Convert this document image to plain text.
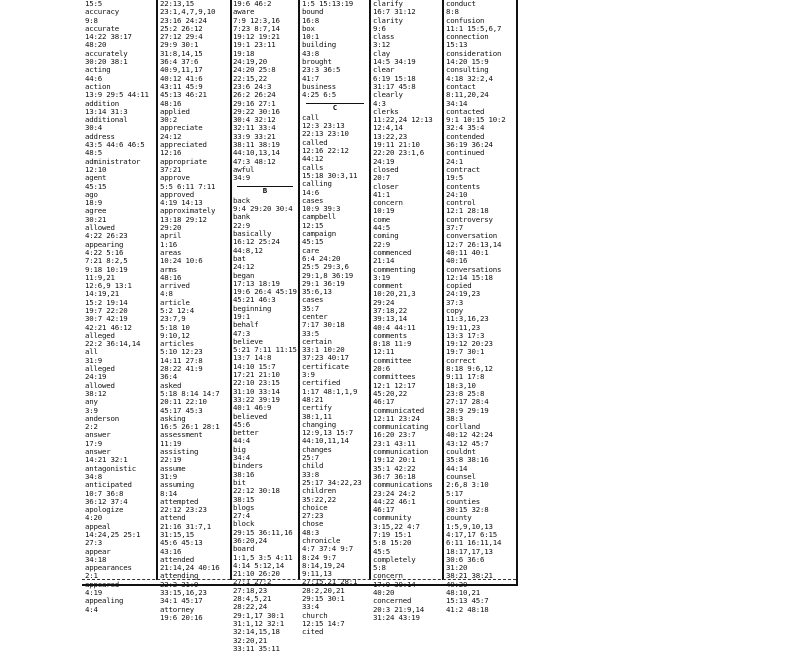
15:5
accuracy
9:8
accurate
14:22 38:17
48:20
accurately
30:20 38:1
acting
44:6
action
13:9 29:5 44:11
addition
13:14 31:3
additional
30:4
address
43:5 44:6 46:5
48:5
administrator
12:10
agent
45:15
ago
18:9
agree
30:21
allowed
4:22 26:23
appearing
4:22 5:16
7:21 8:2,5
9:18 10:19
11:9,21
12:6,9 13:1
14:19,21
15:2 19:14
19:7 22:20
30:7 42:19
42:21 46:12
alleged
22:2 36:14,14
all
31:9
alleged
24:19
allowed
38:12
any
3:9
anderson
2:2
answer
17:9
answer
14:21 32:1
antagonistic
34:8
anticipated
10:7 36:8
36:12 37:4
apologize
4:20
appeal
14:24,25 25:1
27:3
appear
34:18
appearances
2:1
appeared
4:19
appealing
4:4
22:13,15
23:1,4,7,9,10
23:16 24:24
25:2 26:12
27:12 29:4
29:9 30:1
31:8,14,15
36:4 37:6
40:9,11,17
40:12 41:6
43:11 45:9
45:13 46:21
48:16
applied
30:2
appreciate
24:12
appreciated
12:16
appropriate
37:21
approve
5:5 6:11 7:11
approved
4:19 14:13
approximately
13:18 29:12
29:20
april
1:16
areas
10:24 10:6
arms
48:16
arrived
4:8
article
5:2 12:4
23:7,9
5:18 10
9:10,12
articles
5:10 12:23
14:11 27:8
28:22 41:9
36:4
asked
5:18 8:14 14:7
20:11 22:10
45:17 45:3
asking
16:5 26:1 28:1
assessment
11:19
assisting
22:19
assume
31:9
assuming
8:14
attempted
22:12 23:23
attend
21:16 31:7,1
31:15,15
45:6 45:13
43:16
attended
21:14,24 40:16
attending
22:2 31:9
33:15,16,23
34:1 45:17
attorney
19:6 20:16
19:6 46:2
aware
7:9 12:3,16
7:23 8:7,14
19:12 19:21
19:1 23:11
19:18
24:19,20
24:20 25:8
22:15,22
23:6 24:3
26:2 26:24
29:16 27:1
29:22 30:16
30:4 32:12
32:11 33:4
33:9 33:21
38:11 38:19
44:10,13,14
47:3 48:12
awful
34:9
B
back
9:4 29:20 30:4
bank
22:9
basically
16:12 25:24
44:8,12
bat
24:12
began
17:13 18:19
19:6 26:4 45:19
45:21 46:3
beginning
19:1
behalf
47:3
believe
5:21 7:11 11:15
13:7 14:8
14:10 15:7
17:21 21:10
22:10 23:15
31:10 33:14
33:22 39:19
40:1 46:9
believed
45:6
better
44:4
big
34:4
binders
38:16
bit
22:12 30:18
38:15
blogs
27:4
block
29:15 36:11,16
36:20,24
board
1:1,5 3:5 4:11
4:14 5:12,14
21:10 26:20
27:1 27:2
27:18,23
28:4,5,21
28:22,24
29:1,17 30:1
31:1,12 32:1
32:14,15,18
32:20,21
33:11 35:11
1:5 15:13:19
bound
16:8
box
10:1
building
43:8
brought
23:3 36:5
41:7
business
4:25 6:5
C
call
12:3 23:13
22:13 23:10
called
12:16 22:12
44:12
calls
15:18 30:3,11
calling
14:6
cases
10:9 39:3
campbell
12:15
campaign
45:15
care
6:4 24:20
25:5 29:3,6
29:1,8 36:19
29:1 36:19
35:6,13
cases
35:7
center
7:17 30:18
33:5
certain
33:1 10:20
37:23 40:17
certificate
3:9
certified
1:17 48:1,1,9
48:21
certify
38:1,11
changing
12:9,13 15:7
44:10,11,14
changes
25:7
child
33:8
25:17 34:22,23
children
35:22,22
choice
27:23
chose
48:3
chronicle
4:7 37:4 9:7
8:24 9:7
8:14,19,24
9:11,13
27:15,21 28:1
28:2,20,21
29:15 30:1
33:4
church
12:15 14:7
cited
clarify
16:7 31:12
clarity
9:6
class
3:12
clay
14:5 34:19
clear
6:19 15:18
31:17 45:8
clearly
4:3
clerks
11:22,24 12:13
12:4,14
13:22,23
19:11 21:10
22:20 23:1,6
24:19
closed
20:7
closer
41:1
concern
10:19
come
44:5
coming
22:9
commenced
21:14
commenting
3:19
comment
10:20,21,3
29:24
37:18,22
39:13,14
40:4 44:11
comments
8:18 11:9
12:11
committee
20:6
committees
12:1 12:17
45:20,22
46:17
communicated
12:11 23:24
communicating
16:20 23:7
23:1 43:11
communication
19:12 20:1
35:1 42:22
36:7 36:18
communications
23:24 24:2
44:22 46:1
46:17
community
3:15,22 4:7
7:19 15:1
5:8 15:20
45:5
completely
5:8
concern
17:9 39:14
40:20
concerned
20:3 21:9,14
31:24 43:19
conduct
8:8
confusion
11:1 15:5,6,7
connection
15:13
consideration
14:20 15:9
consulting
4:18 32:2,4
contact
8:11,20,24
34:14
contacted
9:1 10:15 10:2
32:4 35:4
contended
36:19 36:24
continued
24:1
contract
19:5
contents
24:10
control
12:1 28:18
controversy
37:7
conversation
12:7 26:13,14
40:11 40:1
40:16
conversations
12:14 15:18
copied
24:19,23
37:3
copy
11:3,16,23
19:11,23
13:3 17:3
19:12 20:23
19:7 30:1
correct
8:18 9:6,12
9:11 17:8
18:3,10
23:8 25:8
27:17 28:4
28:9 29:19
38:3
corlland
40:12 42:24
43:12 45:7
couldnt
35:8 38:16
44:14
counsel
2:6,8 3:10
5:17
counties
30:15 32:8
county
1:5,9,10,13
4:17,17 6:15
6:11 16:11,14
18:17,17,13
30:6 36:6
31:20
38:21 38:21
40:20
48:10,21
15:13 45:7
41:2 48:18
